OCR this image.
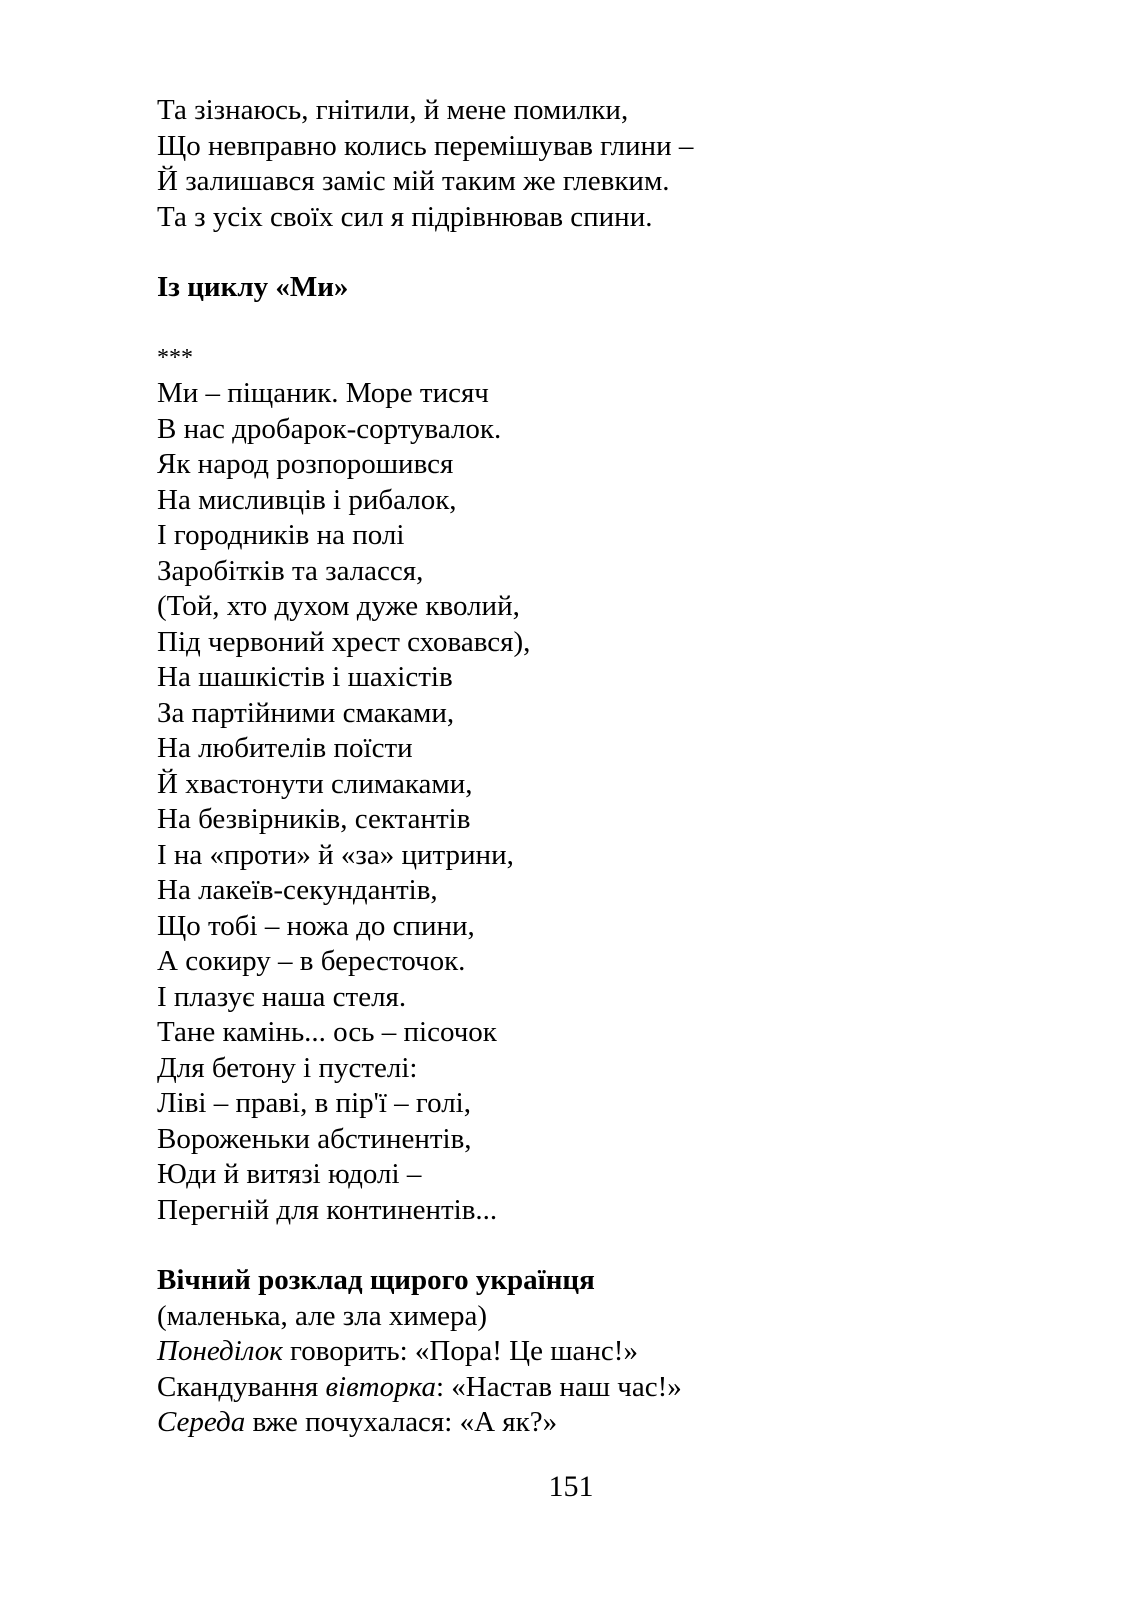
Та зізнаюсь, гнітили, й мене помилки,
Що невправно колись перемішував глини –
Й залишався заміс мій таким же глевким.
Та з усіх своїх сил я підрівнював спини.
Із циклу «Ми»
***
Ми – піщаник. Море тисяч
В нас дробарок-сортувалок.
Як народ розпорошився
На мисливців і рибалок,
І городників на полі
Заробітків та заласся,
(Той, хто духом дуже кволий,
Під червоний хрест сховався),
На шашкістів і шахістів
За партійними смаками,
На любителів поїсти
Й хвастонути слимаками,
На безвірників, сектантів
І на «проти» й «за» цитрини,
На лакеїв-секундантів,
Що тобі – ножа до спини,
А сокиру – в бересточок.
І плазує наша стеля.
Тане камінь... ось – пісочок
Для бетону і пустелі:
Ліві – праві, в пір'ї – голі,
Вороженьки абстинентів,
Юди й витязі юдолі –
Перегній для континентів...
Вічний розклад щирого українця
(маленька, але зла химера)
Понеділок говорить: «Пора! Це шанс!»
Скандування вівторка: «Настав наш час!»
Середа вже почухалася: «А як?»
151
